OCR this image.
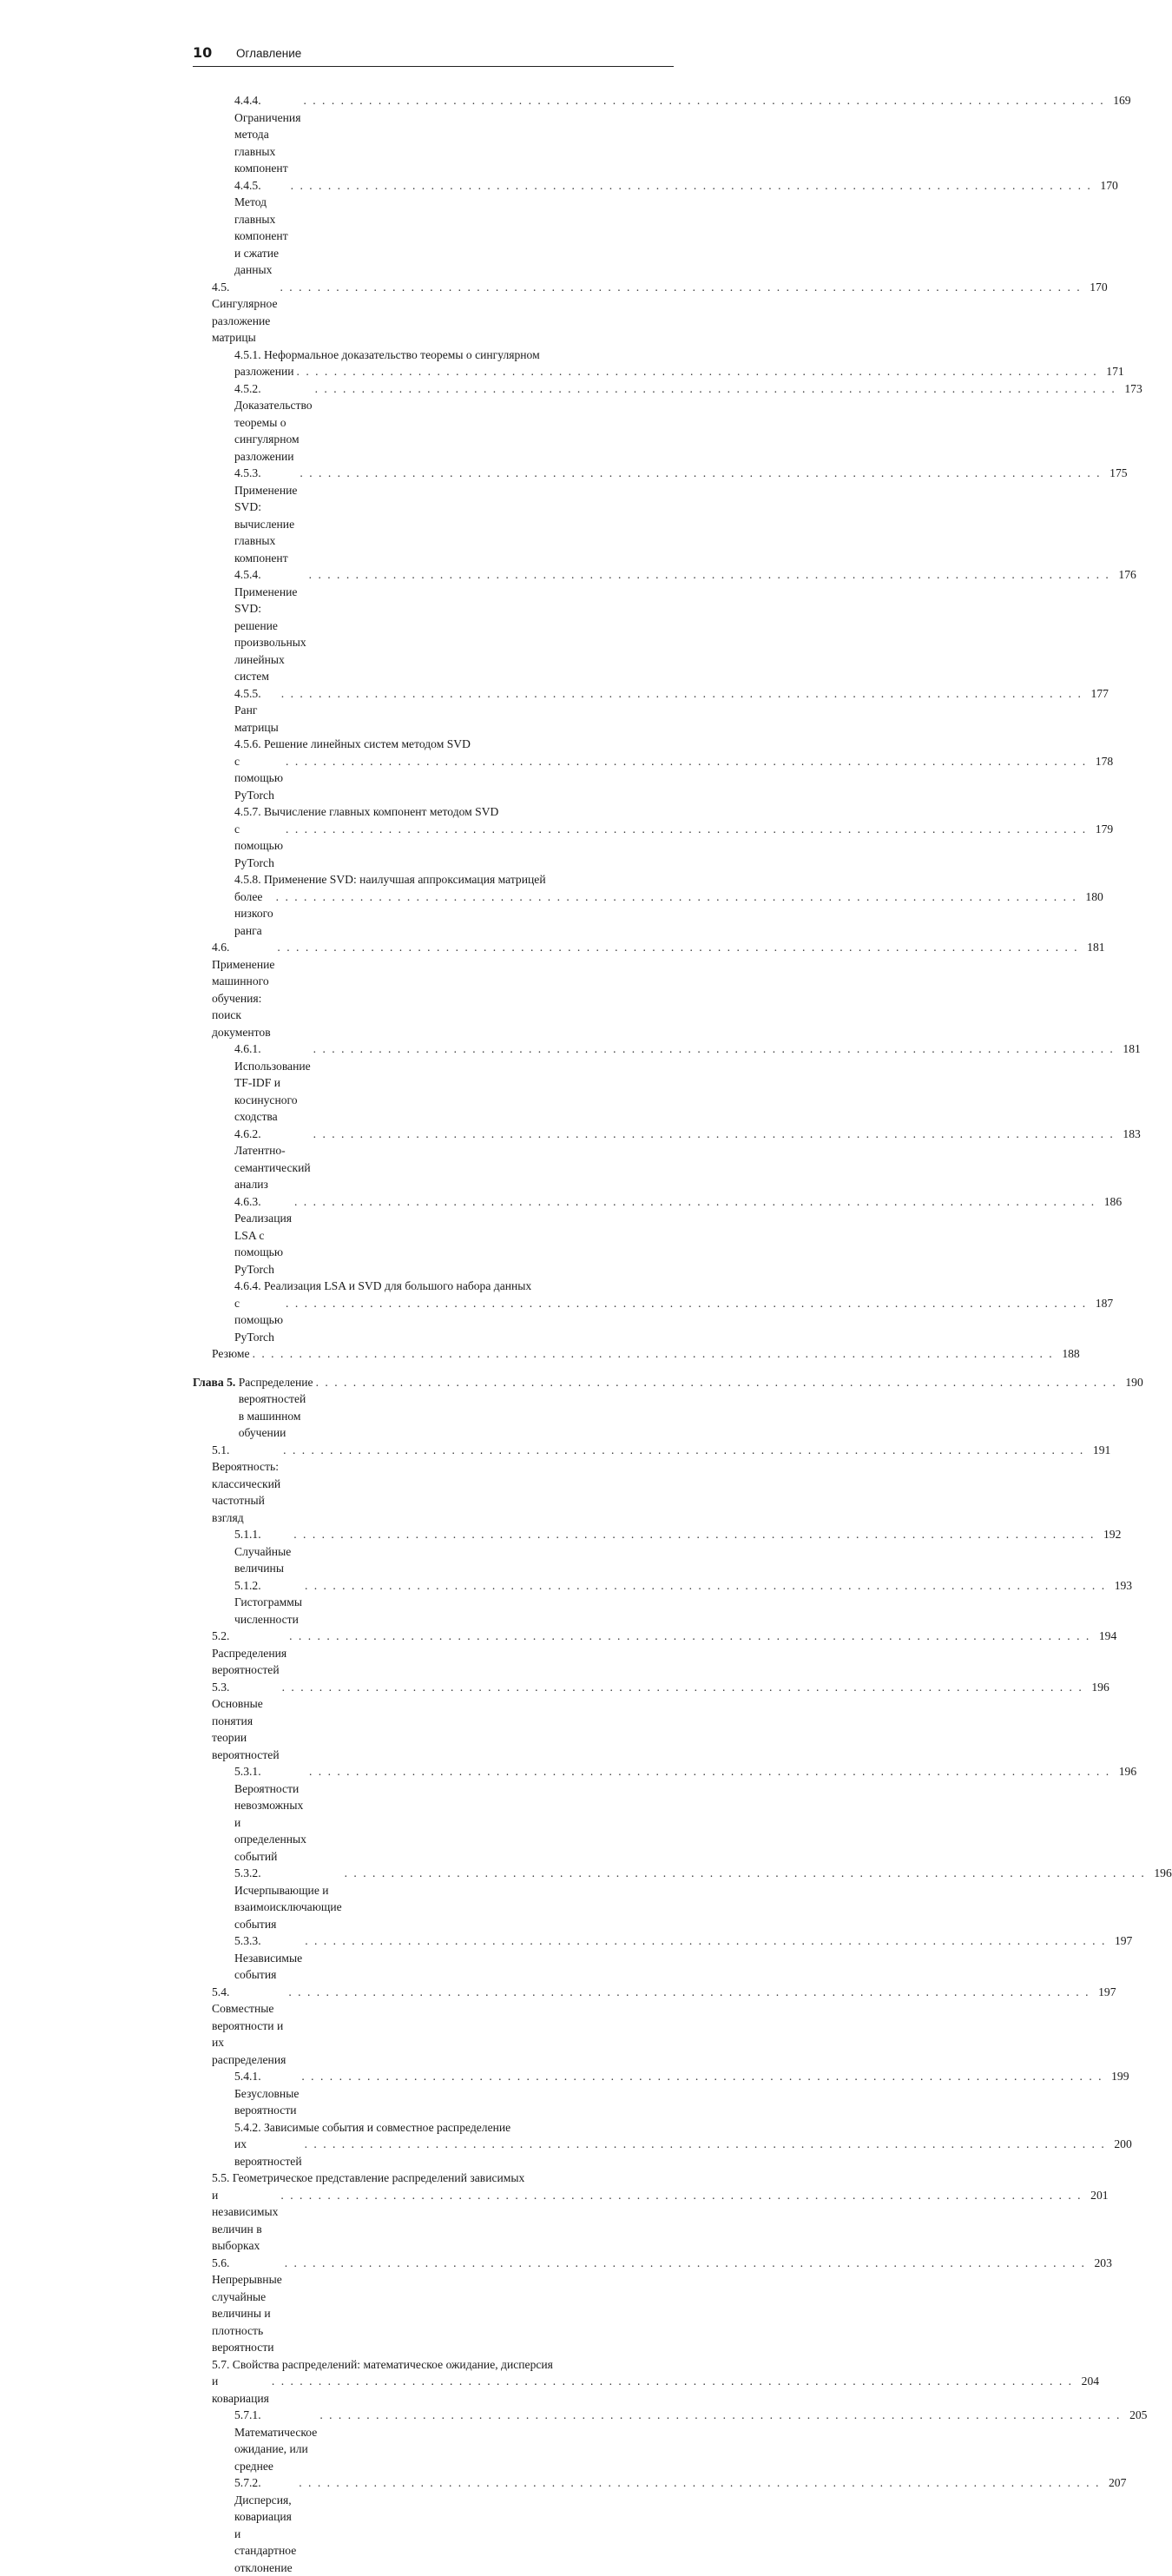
10 Оглавление
4.4.4. Ограничения метода главных компонент
. . .
169
4.4.5. Метод главных компонент и сжатие данных
. . .
170
4.5. Сингулярное разложение матрицы
. . .
170
4.5.1. Неформальное доказательство теоремы о сингулярном
разложении . . .	171
4.5.2. Доказательство теоремы о сингулярном разложении
. . .
173
4.5.3. Применение SVD: вычисление главных компонент
. . .
175
4.5.4. Применение SVD: решение произвольных линейных систем
. . .
176
4.5.5. Ранг матрицы
. . .
177
4.5.6. Решение линейных систем методом SVD
с помощью PyTorch
. . .
178
4.5.7. Вычисление главных компонент методом SVD
с помощью PyTorch
. . .
179
4.5.8. Применение SVD: наилучшая аппроксимация матрицей
более низкого ранга
. . .
180
4.6. Применение машинного обучения: поиск документов
. . .
181
4.6.1. Использование TF-IDF и косинусного сходства
. . .
181
4.6.2. Латентно-семантический анализ
. . .
183
4.6.3. Реализация LSA с помощью PyTorch
. . .
186
4.6.4. Реализация LSA и SVD для большого набора данных
с помощью PyTorch
. . .
187
Резюме . . .	188
Глава 5.
Распределение вероятностей в машинном обучении
. . .
190
5.1. Вероятность: классический частотный взгляд
. . .
191
5.1.1. Случайные величины
. . .
192
5.1.2. Гистограммы численности
. . .
193
5.2. Распределения вероятностей
. . .
194
5.3. Основные понятия теории вероятностей
. . .
196
5.3.1. Вероятности невозможных и определенных событий
. . .
196
5.3.2. Исчерпывающие и взаимоисключающие события
. . .
196
5.3.3. Независимые события
. . .
197
5.4. Совместные вероятности и их распределения
. . .
197
5.4.1. Безусловные вероятности
. . .
199
5.4.2. Зависимые события и совместное распределение
их вероятностей
. . .
200
5.5. Геометрическое представление распределений зависимых
и независимых величин в выборках
. . .
201
5.6. Непрерывные случайные величины и плотность вероятности
. . .
203
5.7. Свойства распределений: математическое ожидание, дисперсия
и ковариация
. . .
204
5.7.1. Математическое ожидание, или среднее
. . .
205
5.7.2. Дисперсия, ковариация и стандартное отклонение
. . .
207
